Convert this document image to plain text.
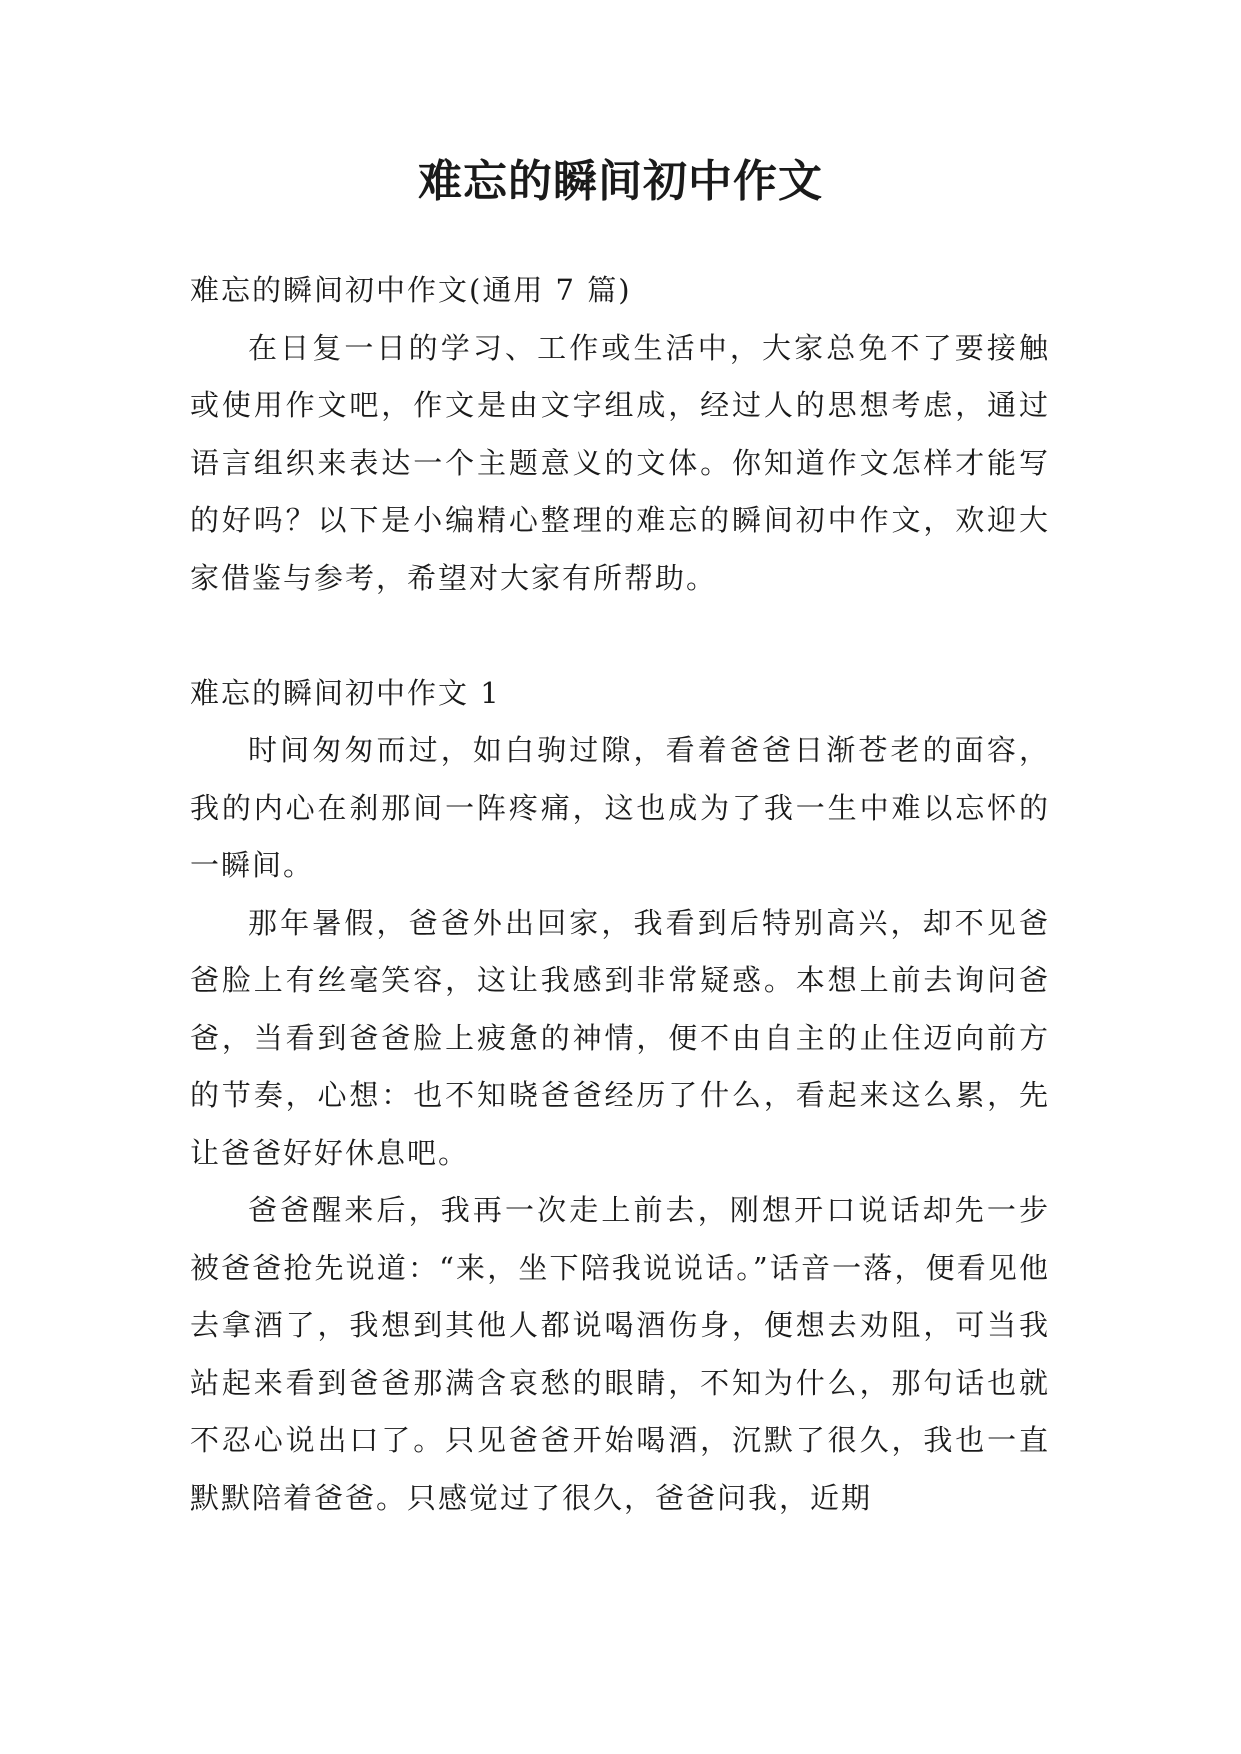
难忘的瞬间初中作文

难忘的瞬间初中作文(通用 7 篇)

在日复一日的学习、工作或生活中，大家总免不了要接触或使用作文吧，作文是由文字组成，经过人的思想考虑，通过语言组织来表达一个主题意义的文体。你知道作文怎样才能写的好吗？以下是小编精心整理的难忘的瞬间初中作文，欢迎大家借鉴与参考，希望对大家有所帮助。

难忘的瞬间初中作文 1

时间匆匆而过，如白驹过隙，看着爸爸日渐苍老的面容，我的内心在刹那间一阵疼痛，这也成为了我一生中难以忘怀的一瞬间。

那年暑假，爸爸外出回家，我看到后特别高兴，却不见爸爸脸上有丝毫笑容，这让我感到非常疑惑。本想上前去询问爸爸，当看到爸爸脸上疲惫的神情，便不由自主的止住迈向前方的节奏，心想：也不知晓爸爸经历了什么，看起来这么累，先让爸爸好好休息吧。

爸爸醒来后，我再一次走上前去，刚想开口说话却先一步被爸爸抢先说道：“来，坐下陪我说说话。”话音一落，便看见他去拿酒了，我想到其他人都说喝酒伤身，便想去劝阻，可当我站起来看到爸爸那满含哀愁的眼睛，不知为什么，那句话也就不忍心说出口了。只见爸爸开始喝酒，沉默了很久，我也一直默默陪着爸爸。只感觉过了很久，爸爸问我，近期
